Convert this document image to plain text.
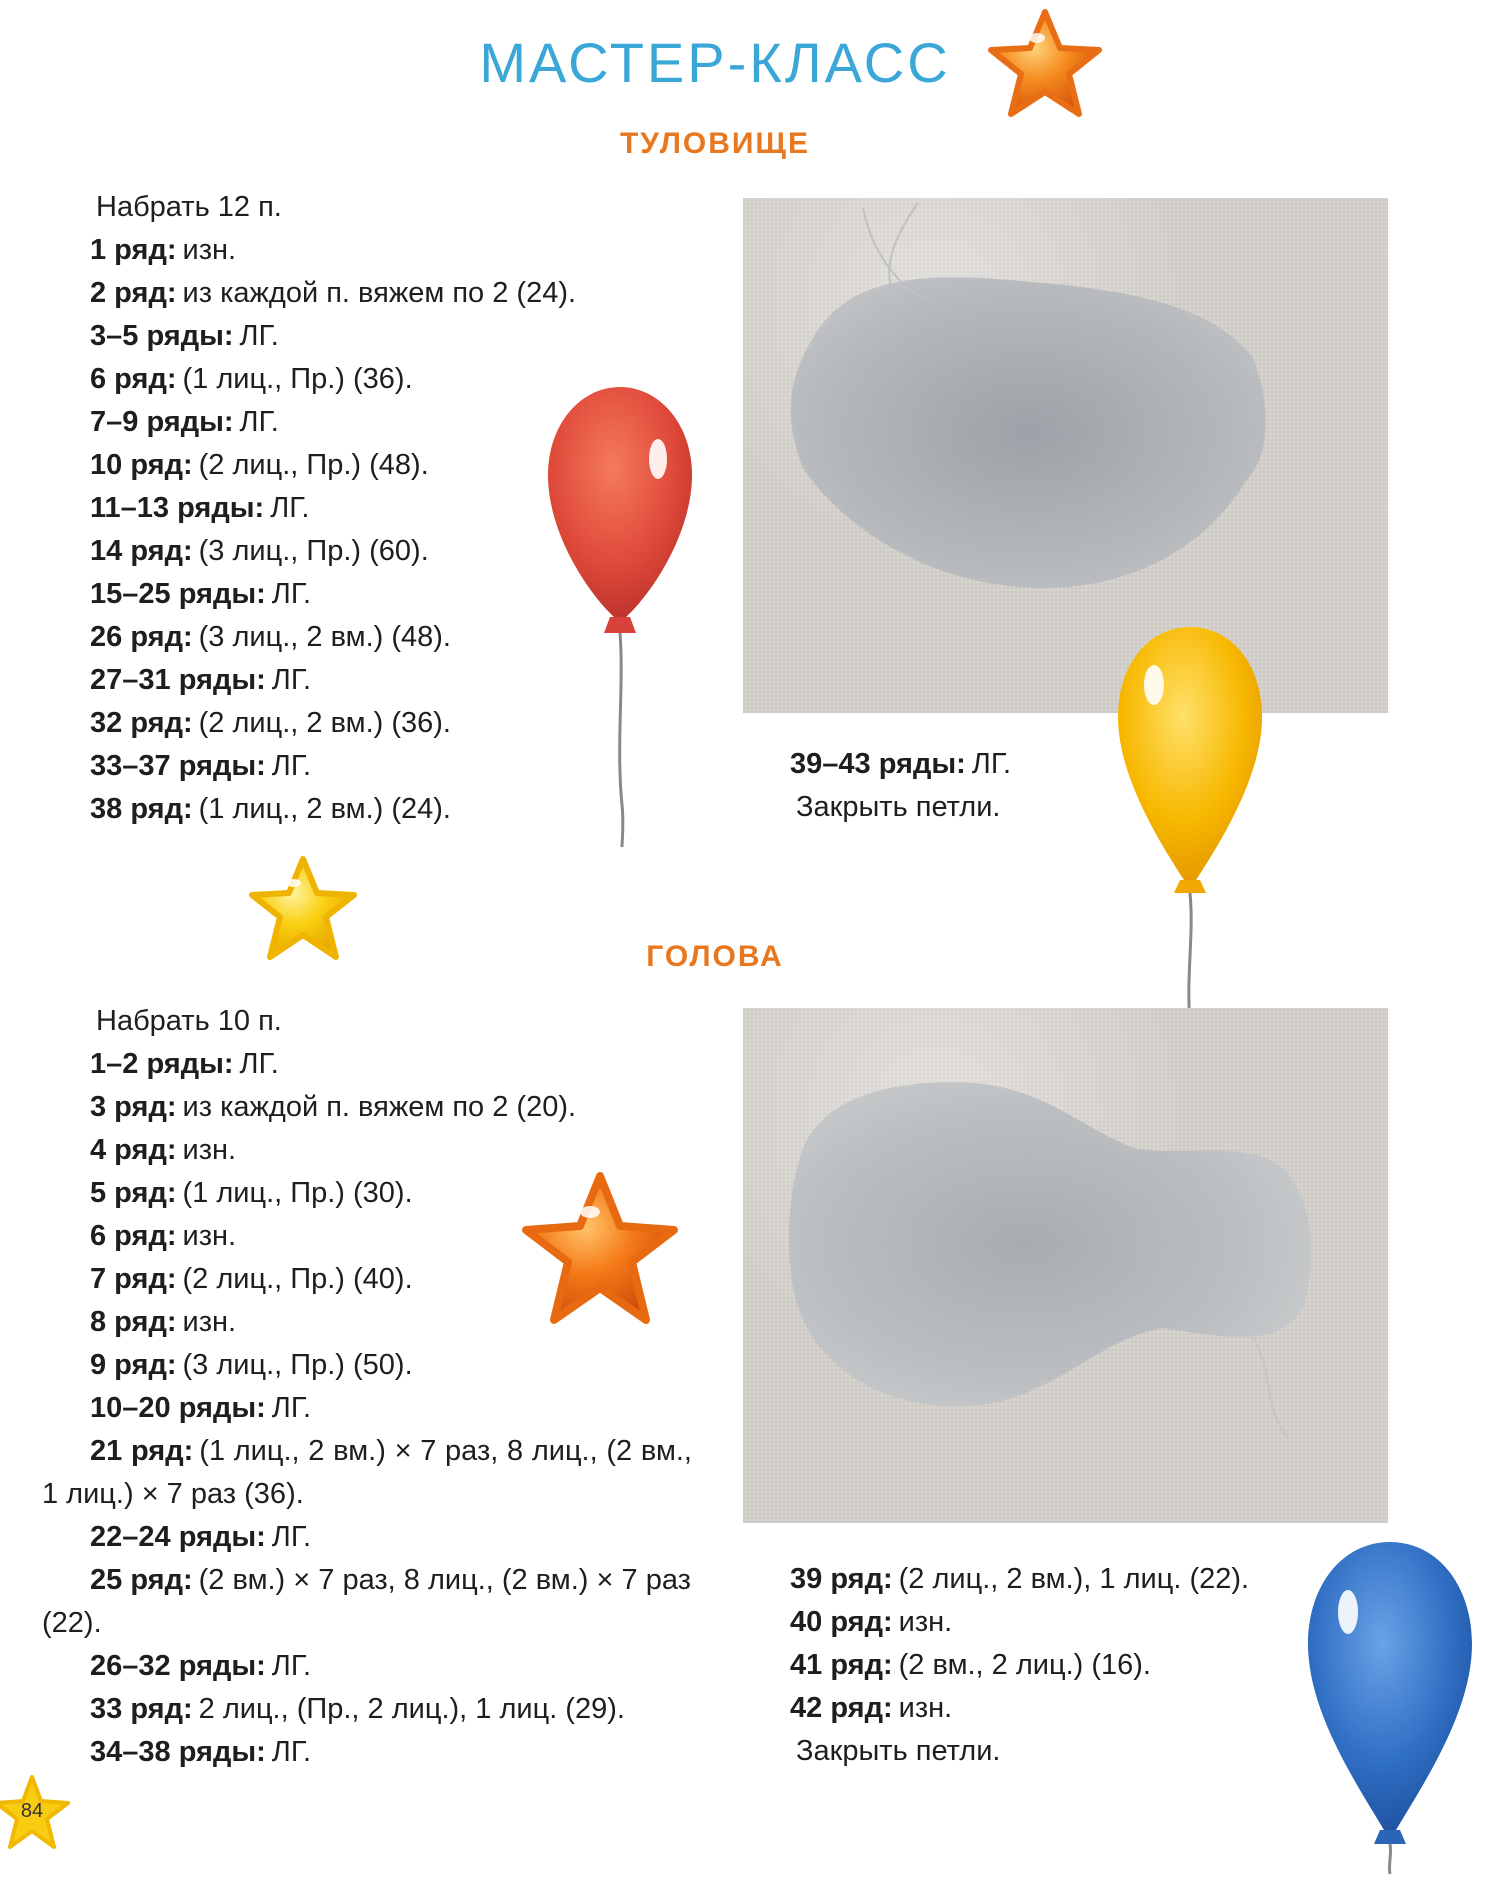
МАСТЕР-КЛАСС
ТУЛОВИЩЕ
Набрать 12 п.
1 ряд: изн.
2 ряд: из каждой п. вяжем по 2 (24).
3–5 ряды: ЛГ.
6 ряд: (1 лиц., Пр.) (36).
7–9 ряды: ЛГ.
10 ряд: (2 лиц., Пр.) (48).
11–13 ряды: ЛГ.
14 ряд: (3 лиц., Пр.) (60).
15–25 ряды: ЛГ.
26 ряд: (3 лиц., 2 вм.) (48).
27–31 ряды: ЛГ.
32 ряд: (2 лиц., 2 вм.) (36).
33–37 ряды: ЛГ.
38 ряд: (1 лиц., 2 вм.) (24).
39–43 ряды: ЛГ.
Закрыть петли.
ГОЛОВА
Набрать 10 п.
1–2 ряды: ЛГ.
3 ряд: из каждой п. вяжем по 2 (20).
4 ряд: изн.
5 ряд: (1 лиц., Пр.) (30).
6 ряд: изн.
7 ряд: (2 лиц., Пр.) (40).
8 ряд: изн.
9 ряд: (3 лиц., Пр.) (50).
10–20 ряды: ЛГ.
21 ряд: (1 лиц., 2 вм.) × 7 раз, 8 лиц., (2 вм., 1 лиц.) × 7 раз (36).
22–24 ряды: ЛГ.
25 ряд: (2 вм.) × 7 раз, 8 лиц., (2 вм.) × 7 раз (22).
26–32 ряды: ЛГ.
33 ряд: 2 лиц., (Пр., 2 лиц.), 1 лиц. (29).
34–38 ряды: ЛГ.
39 ряд: (2 лиц., 2 вм.), 1 лиц. (22).
40 ряд: изн.
41 ряд: (2 вм., 2 лиц.) (16).
42 ряд: изн.
Закрыть петли.
84
